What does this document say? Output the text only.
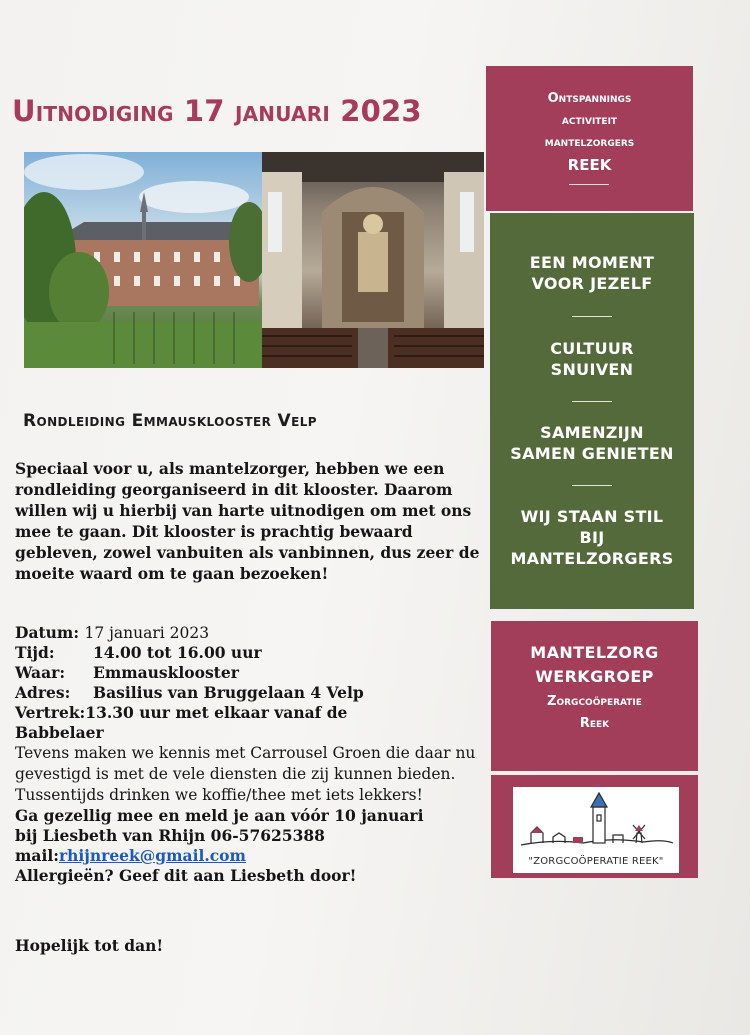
Uitnodiging 17 januari 2023	Ontspannings
activiteit
mantelzorgers
REEK
EEN MOMENT
VOOR JEZELF
CULTUUR
SNUIVEN
SAMENZIJN
SAMEN GENIETEN
WIJ STAAN STIL
BIJ
MANTELZORGERS
MANTELZORG
WERKGROEP
Zorgcoöperatie
Reek
"ZORGCOÖPERATIE REEK"
Rondleiding Emmausklooster Velp

Speciaal voor u, als mantelzorger, hebben we een rondleiding georganiseerd in dit klooster. Daarom willen wij u hierbij van harte uitnodigen om met ons mee te gaan. Dit klooster is prachtig bewaard gebleven, zowel vanbuiten als vanbinnen, dus zeer de moeite waard om te gaan bezoeken!

Datum: 17 januari 2023
Tijd: 14.00 tot 16.00 uur
Waar: Emmausklooster
Adres: Basilius van Bruggelaan 4 Velp
Vertrek:13.30 uur met elkaar vanaf de
Babbelaer
Tevens maken we kennis met Carrousel Groen die daar nu gevestigd is met de vele diensten die zij kunnen bieden.
Tussentijds drinken we koffie/thee met iets lekkers!
Ga gezellig mee en meld je aan vóór 10 januari
bij Liesbeth van Rhijn 06-57625388
mail:rhijnreek@gmail.com
Allergieën? Geef dit aan Liesbeth door!
Hopelijk tot dan!
